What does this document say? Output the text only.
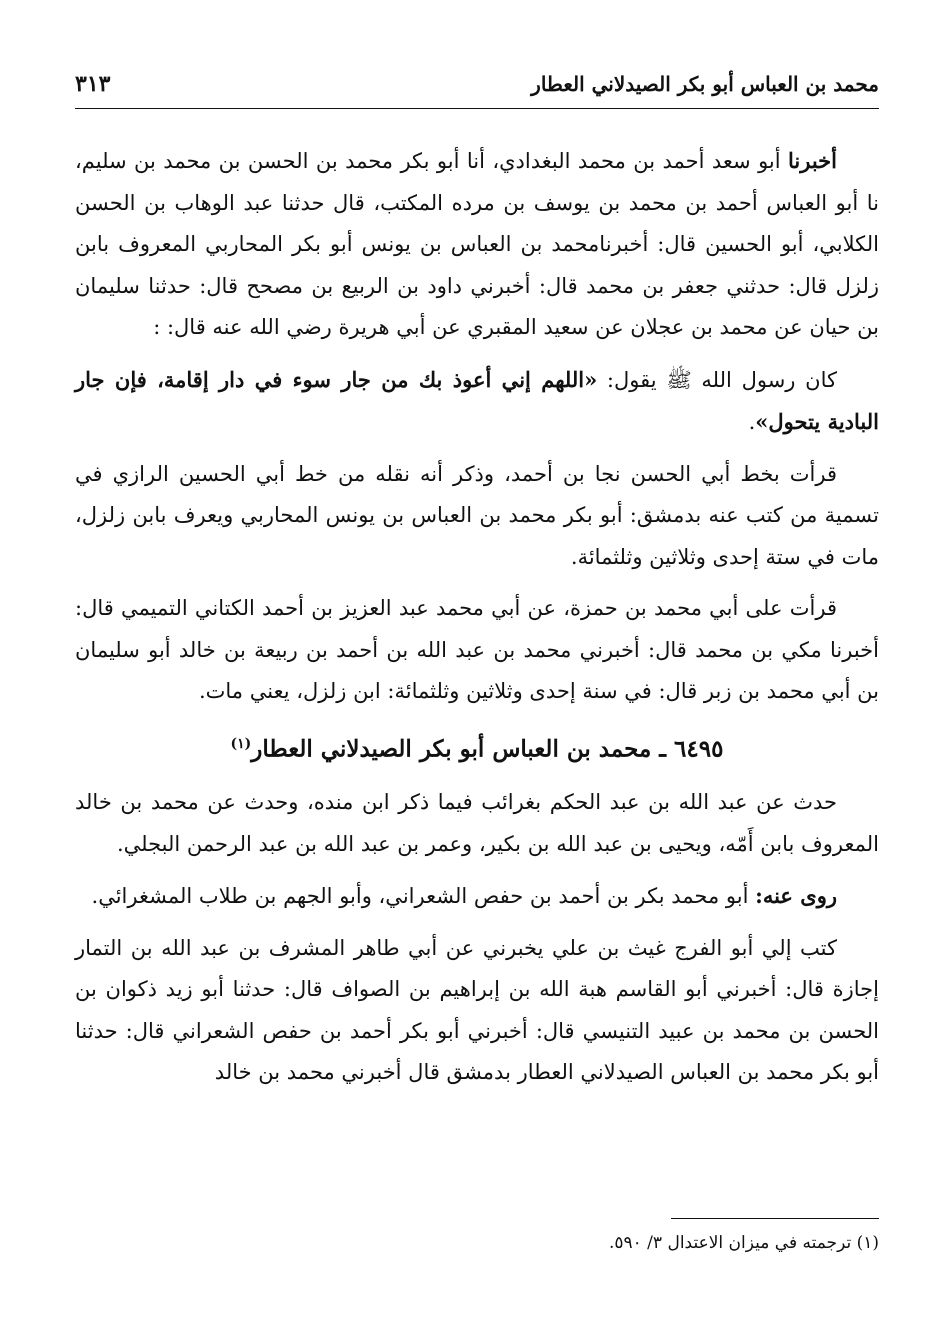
محمد بن العباس أبو بكر الصيدلاني العطار
٣١٣

أخبرنا أبو سعد أحمد بن محمد البغدادي، أنا أبو بكر محمد بن الحسن بن محمد بن سليم، نا أبو العباس أحمد بن محمد بن يوسف بن مرده المكتب، قال حدثنا عبد الوهاب بن الحسن الكلابي، أبو الحسين قال: أخبرنامحمد بن العباس بن يونس أبو بكر المحاربي المعروف بابن زلزل قال: حدثني جعفر بن محمد قال: أخبرني داود بن الربيع بن مصحح قال: حدثنا سليمان بن حيان عن محمد بن عجلان عن سعيد المقبري عن أبي هريرة رضي الله عنه قال: :

كان رسول الله ﷺ يقول: «اللهم إني أعوذ بك من جار سوء في دار إقامة، فإن جار البادية يتحول».

قرأت بخط أبي الحسن نجا بن أحمد، وذكر أنه نقله من خط أبي الحسين الرازي في تسمية من كتب عنه بدمشق: أبو بكر محمد بن العباس بن يونس المحاربي ويعرف بابن زلزل، مات في ستة إحدى وثلاثين وثلثمائة.

قرأت على أبي محمد بن حمزة، عن أبي محمد عبد العزيز بن أحمد الكتاني التميمي قال: أخبرنا مكي بن محمد قال: أخبرني محمد بن عبد الله بن أحمد بن ربيعة بن خالد أبو سليمان بن أبي محمد بن زبر قال: في سنة إحدى وثلاثين وثلثمائة: ابن زلزل، يعني مات.

٦٤٩٥ ـ محمد بن العباس أبو بكر الصيدلاني العطار$^{(١)}$

حدث عن عبد الله بن عبد الحكم بغرائب فيما ذكر ابن منده، وحدث عن محمد بن خالد المعروف بابن أَمّه، ويحيى بن عبد الله بن بكير، وعمر بن عبد الله بن عبد الرحمن البجلي.

روى عنه: أبو محمد بكر بن أحمد بن حفص الشعراني، وأبو الجهم بن طلاب المشغرائي.

كتب إلي أبو الفرج غيث بن علي يخبرني عن أبي طاهر المشرف بن عبد الله بن التمار إجازة قال: أخبرني أبو القاسم هبة الله بن إبراهيم بن الصواف قال: حدثنا أبو زيد ذكوان بن الحسن بن محمد بن عبيد التنيسي قال: أخبرني أبو بكر أحمد بن حفص الشعراني قال: حدثنا أبو بكر محمد بن العباس الصيدلاني العطار بدمشق قال أخبرني محمد بن خالد

(١) ترجمته في ميزان الاعتدال ٣/ ٥٩٠.
